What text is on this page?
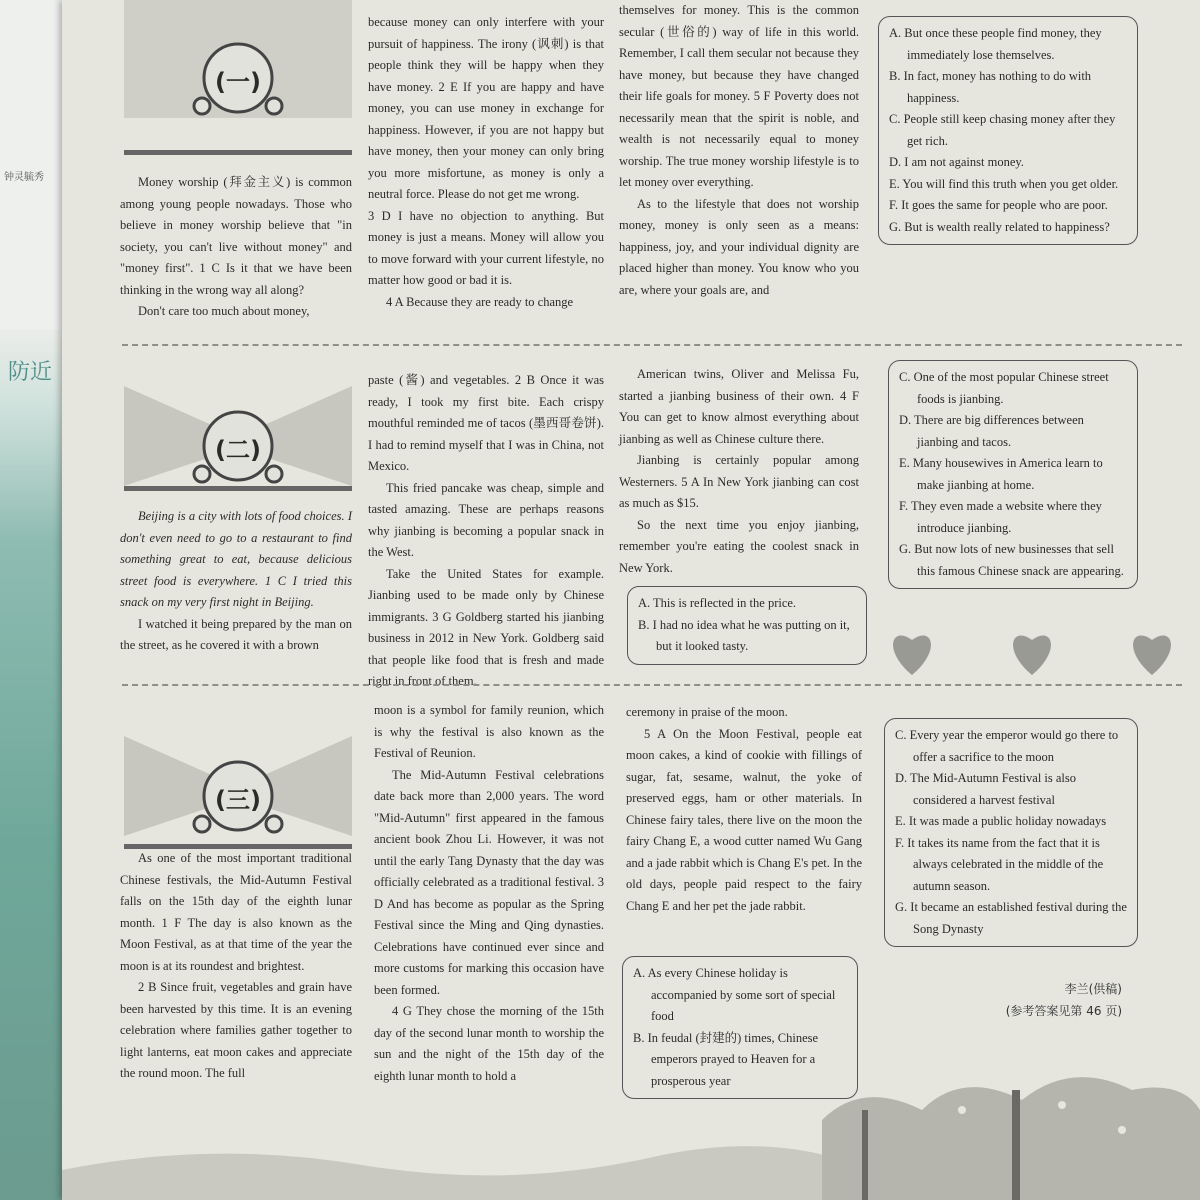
钟灵毓秀
防近
(一)

Money worship (拜金主义) is common among young people nowadays. Those who believe in money worship believe that "in society, you can't live without money" and "money first". 1 C Is it that we have been thinking in the wrong way all along?

Don't care too much about money,

because money can only interfere with your pursuit of happiness. The irony (讽刺) is that people think they will be happy when they have money. 2 E If you are happy and have money, you can use money in exchange for happiness. However, if you are not happy but have money, then your money can only bring you more misfortune, as money is only a neutral force. Please do not get me wrong.

3 D I have no objection to anything. But money is just a means. Money will allow you to move forward with your current lifestyle, no matter how good or bad it is.

4 A Because they are ready to change

themselves for money. This is the common secular (世俗的) way of life in this world. Remember, I call them secular not because they have money, but because they have changed their life goals for money. 5 F Poverty does not necessarily mean that the spirit is noble, and wealth is not necessarily equal to money worship. The true money worship lifestyle is to let money over everything.

As to the lifestyle that does not worship money, money is only seen as a means: happiness, joy, and your individual dignity are placed higher than money. You know who you are, where your goals are, and

A. But once these people find money, they immediately lose themselves.
B. In fact, money has nothing to do with happiness.
C. People still keep chasing money after they get rich.
D. I am not against money.
E. You will find this truth when you get older.
F. It goes the same for people who are poor.
G. But is wealth really related to happiness?
(二)

Beijing is a city with lots of food choices. I don't even need to go to a restaurant to find something great to eat, because delicious street food is everywhere. 1 C I tried this snack on my very first night in Beijing.

I watched it being prepared by the man on the street, as he covered it with a brown

paste (酱) and vegetables. 2 B Once it was ready, I took my first bite. Each crispy mouthful reminded me of tacos (墨西哥卷饼). I had to remind myself that I was in China, not Mexico.

This fried pancake was cheap, simple and tasted amazing. These are perhaps reasons why jianbing is becoming a popular snack in the West.

Take the United States for example. Jianbing used to be made only by Chinese immigrants. 3 G Goldberg started his jianbing business in 2012 in New York. Goldberg said that people like food that is fresh and made right in front of them.

American twins, Oliver and Melissa Fu, started a jianbing business of their own. 4 F You can get to know almost everything about jianbing as well as Chinese culture there.

Jianbing is certainly popular among Westerners. 5 A In New York jianbing can cost as much as $15.

So the next time you enjoy jianbing, remember you're eating the coolest snack in New York.

A. This is reflected in the price.
B. I had no idea what he was putting on it, but it looked tasty.
C. One of the most popular Chinese street foods is jianbing.
D. There are big differences between jianbing and tacos.
E. Many housewives in America learn to make jianbing at home.
F. They even made a website where they introduce jianbing.
G. But now lots of new businesses that sell this famous Chinese snack are appearing.
(三)

As one of the most important traditional Chinese festivals, the Mid-Autumn Festival falls on the 15th day of the eighth lunar month. 1 F The day is also known as the Moon Festival, as at that time of the year the moon is at its roundest and brightest.

2 B Since fruit, vegetables and grain have been harvested by this time. It is an evening celebration where families gather together to light lanterns, eat moon cakes and appreciate the round moon. The full

moon is a symbol for family reunion, which is why the festival is also known as the Festival of Reunion.

The Mid-Autumn Festival celebrations date back more than 2,000 years. The word "Mid-Autumn" first appeared in the famous ancient book Zhou Li. However, it was not until the early Tang Dynasty that the day was officially celebrated as a traditional festival. 3 D And has become as popular as the Spring Festival since the Ming and Qing dynasties. Celebrations have continued ever since and more customs for marking this occasion have been formed.

4 G They chose the morning of the 15th day of the second lunar month to worship the sun and the night of the 15th day of the eighth lunar month to hold a

ceremony in praise of the moon.

5 A On the Moon Festival, people eat moon cakes, a kind of cookie with fillings of sugar, fat, sesame, walnut, the yoke of preserved eggs, ham or other materials. In Chinese fairy tales, there live on the moon the fairy Chang E, a wood cutter named Wu Gang and a jade rabbit which is Chang E's pet. In the old days, people paid respect to the fairy Chang E and her pet the jade rabbit.

A. As every Chinese holiday is accompanied by some sort of special food
B. In feudal (封建的) times, Chinese emperors prayed to Heaven for a prosperous year
C. Every year the emperor would go there to offer a sacrifice to the moon
D. The Mid-Autumn Festival is also considered a harvest festival
E. It was made a public holiday nowadays
F. It takes its name from the fact that it is always celebrated in the middle of the autumn season.
G. It became an established festival during the Song Dynasty
李兰(供稿)
(参考答案见第 46 页)
